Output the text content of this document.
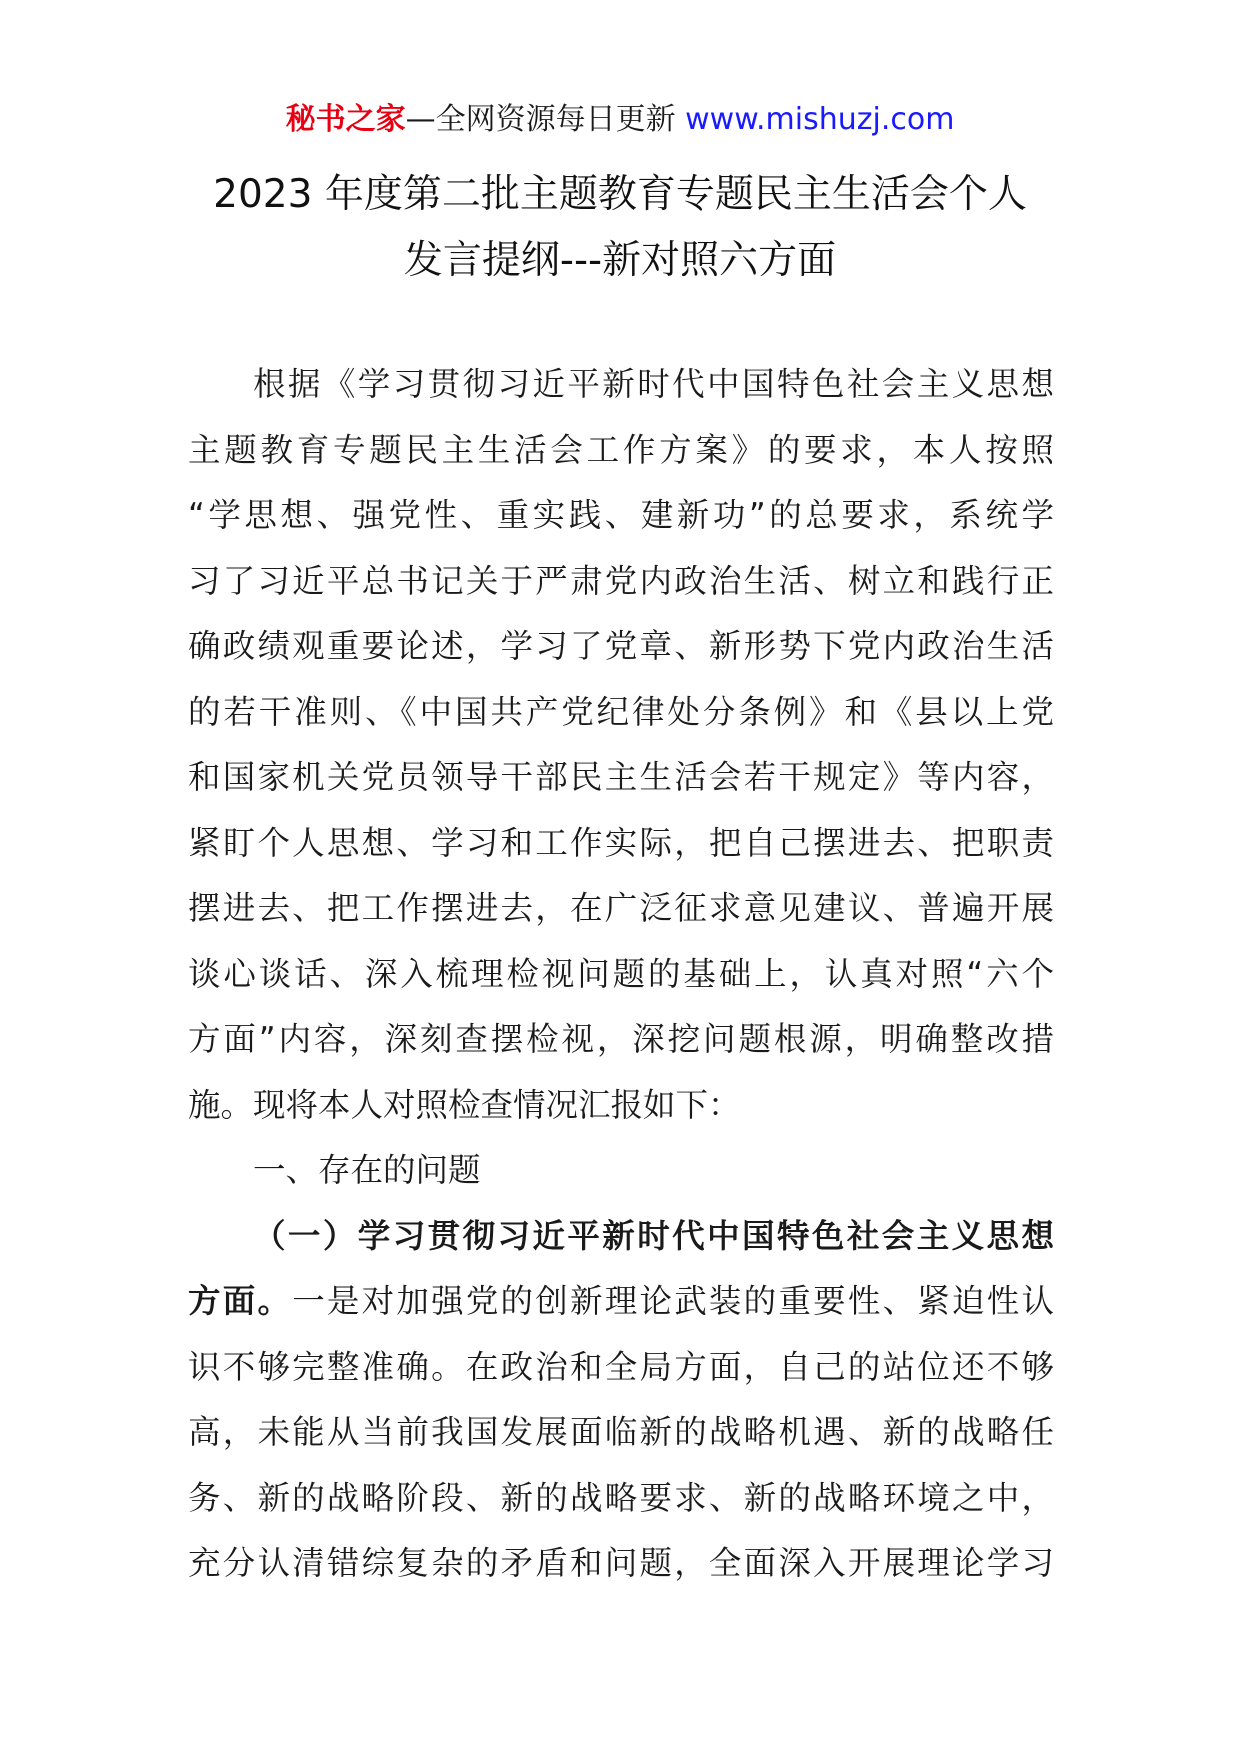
秘书之家—全网资源每日更新 www.mishuzj.com
2023 年度第二批主题教育专题民主生活会个人
发言提纲---新对照六方面
根据《学习贯彻习近平新时代中国特色社会主义思想
主题教育专题民主生活会工作方案》的要求，本人按照
“学思想、强党性、重实践、建新功”的总要求，系统学
习了习近平总书记关于严肃党内政治生活、树立和践行正
确政绩观重要论述，学习了党章、新形势下党内政治生活
的若干准则、《中国共产党纪律处分条例》和《县以上党
和国家机关党员领导干部民主生活会若干规定》等内容，
紧盯个人思想、学习和工作实际，把自己摆进去、把职责
摆进去、把工作摆进去，在广泛征求意见建议、普遍开展
谈心谈话、深入梳理检视问题的基础上，认真对照“六个
方面”内容，深刻查摆检视，深挖问题根源，明确整改措
施。现将本人对照检查情况汇报如下：
一、存在的问题
（一）学习贯彻习近平新时代中国特色社会主义思想
方面。一是对加强党的创新理论武装的重要性、紧迫性认
识不够完整准确。在政治和全局方面，自己的站位还不够
高，未能从当前我国发展面临新的战略机遇、新的战略任
务、新的战略阶段、新的战略要求、新的战略环境之中，
充分认清错综复杂的矛盾和问题，全面深入开展理论学习
